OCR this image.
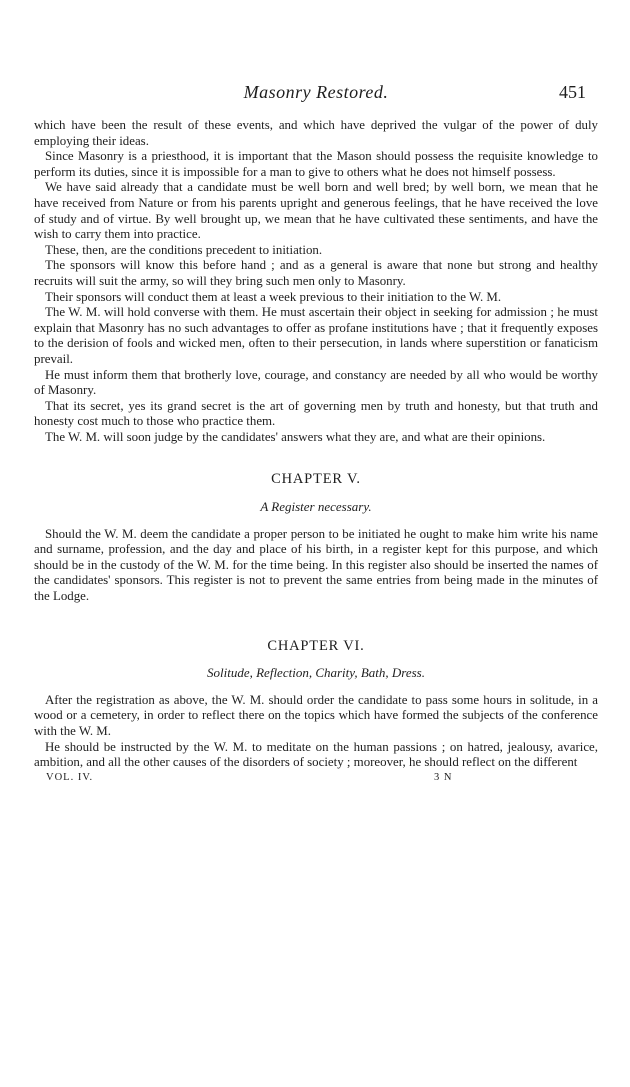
Masonry Restored.	451

which have been the result of these events, and which have deprived the vulgar of the power of duly employing their ideas.

Since Masonry is a priesthood, it is important that the Mason should possess the requisite knowledge to perform its duties, since it is impossible for a man to give to others what he does not himself possess.

We have said already that a candidate must be well born and well bred; by well born, we mean that he have received from Nature or from his parents upright and generous feelings, that he have received the love of study and of virtue. By well brought up, we mean that he have cultivated these sentiments, and have the wish to carry them into practice.

These, then, are the conditions precedent to initiation.

The sponsors will know this before hand ; and as a general is aware that none but strong and healthy recruits will suit the army, so will they bring such men only to Masonry.

Their sponsors will conduct them at least a week previous to their initiation to the W. M.

The W. M. will hold converse with them. He must ascertain their object in seeking for admission ; he must explain that Masonry has no such advantages to offer as profane institutions have ; that it frequently exposes to the derision of fools and wicked men, often to their persecution, in lands where superstition or fanaticism prevail.

He must inform them that brotherly love, courage, and constancy are needed by all who would be worthy of Masonry.

That its secret, yes its grand secret is the art of governing men by truth and honesty, but that truth and honesty cost much to those who practice them.

The W. M. will soon judge by the candidates' answers what they are, and what are their opinions.

CHAPTER V.
A Register necessary.

Should the W. M. deem the candidate a proper person to be initiated he ought to make him write his name and surname, profession, and the day and place of his birth, in a register kept for this purpose, and which should be in the custody of the W. M. for the time being. In this register also should be inserted the names of the candidates' sponsors. This register is not to prevent the same entries from being made in the minutes of the Lodge.

CHAPTER VI.
Solitude, Reflection, Charity, Bath, Dress.

After the registration as above, the W. M. should order the candidate to pass some hours in solitude, in a wood or a cemetery, in order to reflect there on the topics which have formed the subjects of the conference with the W. M.

He should be instructed by the W. M. to meditate on the human passions ; on hatred, jealousy, avarice, ambition, and all the other causes of the disorders of society ; moreover, he should reflect on the different

VOL. IV.	3 N
